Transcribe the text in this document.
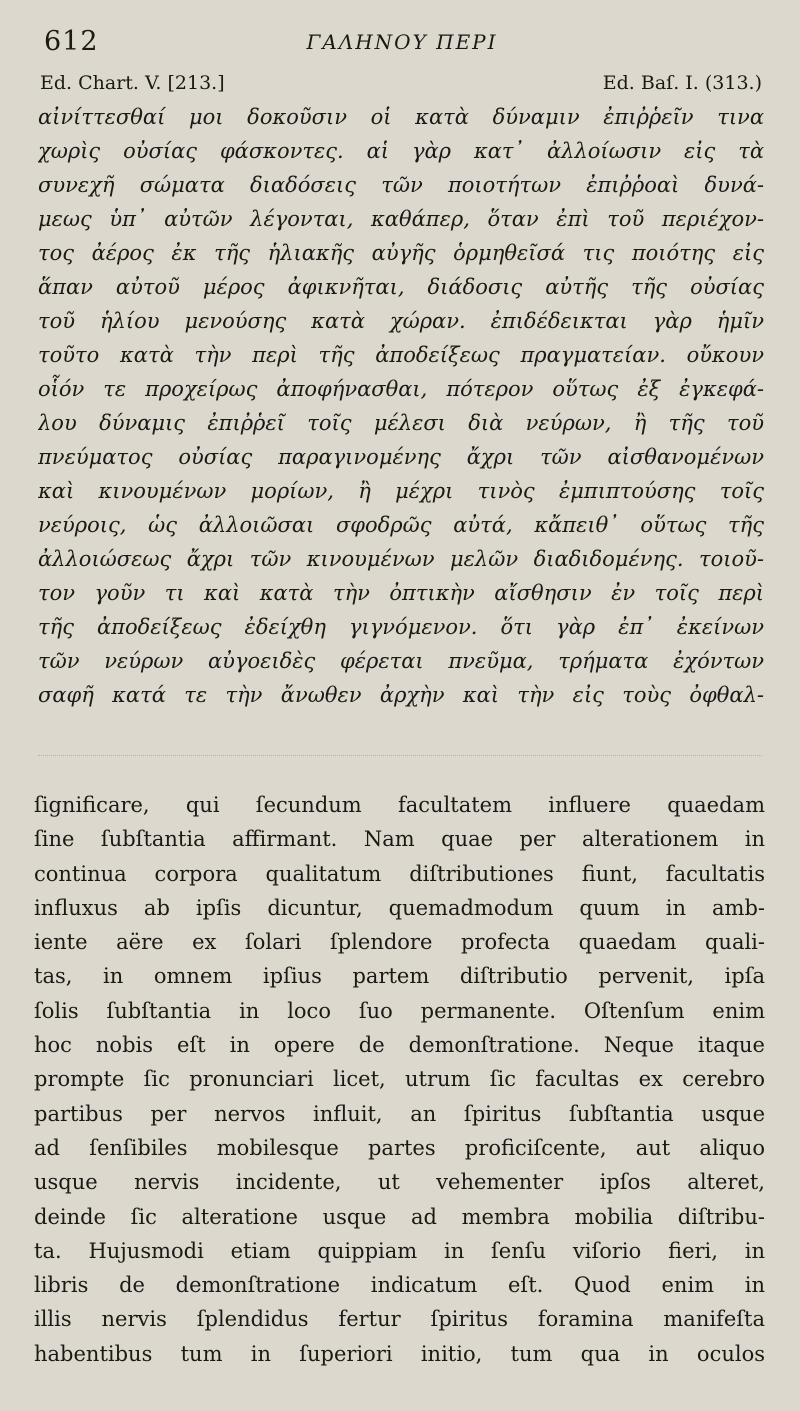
612	ΓΑΛΗΝΟΥ ΠΕΡΙ
Ed. Chart. V. [213.]	Ed. Baſ. I. (313.)
αἰνίττεσθαί μοι δοκοῦσιν οἱ κατὰ δύναμιν ἐπιῤῥεῖν τινα
χωρὶς οὐσίας φάσκοντες. αἱ γὰρ κατ᾽ ἀλλοίωσιν εἰς τὰ
συνεχῆ σώματα διαδόσεις τῶν ποιοτήτων ἐπιῤῥοαὶ δυνά-
μεως ὑπ᾽ αὐτῶν λέγονται, καθάπερ, ὅταν ἐπὶ τοῦ περιέχον-
τος ἀέρος ἐκ τῆς ἡλιακῆς αὐγῆς ὁρμηθεῖσά τις ποιότης εἰς
ἅπαν αὐτοῦ μέρος ἀφικνῆται, διάδοσις αὐτῆς τῆς οὐσίας
τοῦ ἡλίου μενούσης κατὰ χώραν. ἐπιδέδεικται γὰρ ἡμῖν
τοῦτο κατὰ τὴν περὶ τῆς ἀποδείξεως πραγματείαν. οὔκουν
οἷόν τε προχείρως ἀποφήνασθαι, πότερον οὕτως ἐξ ἐγκεφά-
λου δύναμις ἐπιῤῥεῖ τοῖς μέλεσι διὰ νεύρων, ἢ τῆς τοῦ
πνεύματος οὐσίας παραγινομένης ἄχρι τῶν αἰσθανομένων
καὶ κινουμένων μορίων, ἢ μέχρι τινὸς ἐμπιπτούσης τοῖς
νεύροις, ὡς ἀλλοιῶσαι σφοδρῶς αὐτά, κἄπειθ᾽ οὕτως τῆς
ἀλλοιώσεως ἄχρι τῶν κινουμένων μελῶν διαδιδομένης. τοιοῦ-
τον γοῦν τι καὶ κατὰ τὴν ὀπτικὴν αἴσθησιν ἐν τοῖς περὶ
τῆς ἀποδείξεως ἐδείχθη γιγνόμενον. ὅτι γὰρ ἐπ᾽ ἐκείνων
τῶν νεύρων αὐγοειδὲς φέρεται πνεῦμα, τρήματα ἐχόντων
σαφῆ κατά τε τὴν ἄνωθεν ἀρχὴν καὶ τὴν εἰς τοὺς ὀφθαλ-
ſignificare, qui ſecundum facultatem influere quaedam
ſine ſubſtantia affirmant. Nam quae per alterationem in
continua corpora qualitatum diſtributiones fiunt, facultatis
influxus ab ipſis dicuntur, quemadmodum quum in amb-
iente aëre ex ſolari ſplendore profecta quaedam quali-
tas, in omnem ipſius partem diſtributio pervenit, ipſa
ſolis ſubſtantia in loco ſuo permanente. Oſtenſum enim
hoc nobis eſt in opere de demonſtratione. Neque itaque
prompte ſic pronunciari licet, utrum ſic facultas ex cerebro
partibus per nervos influit, an ſpiritus ſubſtantia usque
ad ſenſibiles mobilesque partes proficiſcente, aut aliquo
usque nervis incidente, ut vehementer ipſos alteret,
deinde ſic alteratione usque ad membra mobilia diſtribu-
ta. Hujusmodi etiam quippiam in ſenſu viſorio fieri, in
libris de demonſtratione indicatum eſt. Quod enim in
illis nervis ſplendidus fertur ſpiritus foramina manifeſta
habentibus tum in ſuperiori initio, tum qua in oculos
